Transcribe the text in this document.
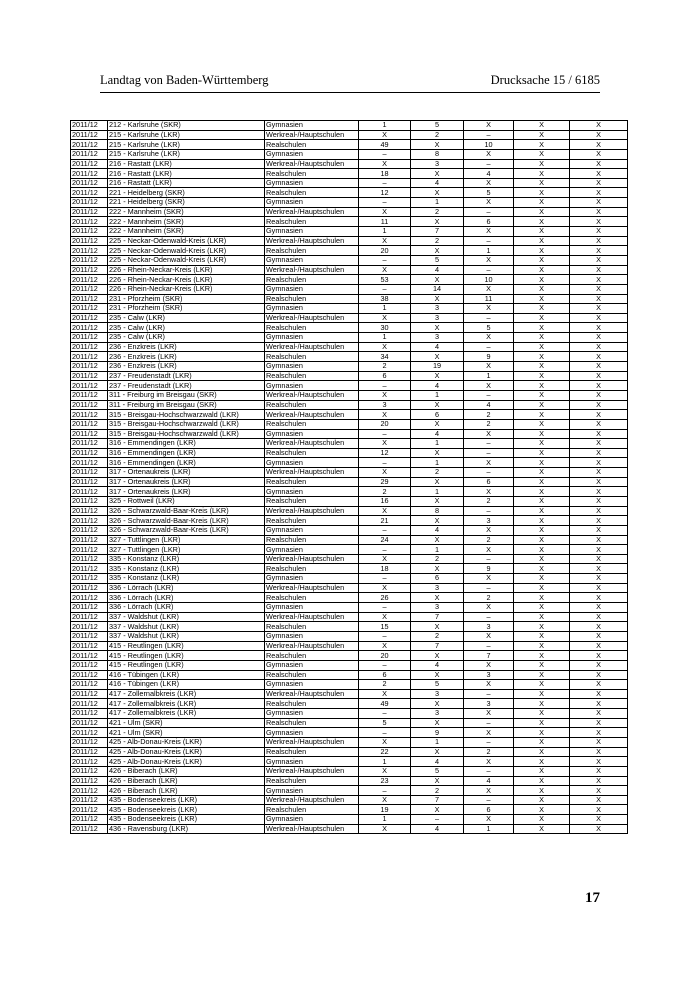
Landtag von Baden-Württemberg	Drucksache 15 / 6185
2011/12	212 - Karlsruhe (SKR)	Gymnasien	1	5	X	X	X
2011/12	215 - Karlsruhe (LKR)	Werkreal-/Hauptschulen	X	2	–	X	X
2011/12	215 - Karlsruhe (LKR)	Realschulen	49	X	10	X	X
2011/12	215 - Karlsruhe (LKR)	Gymnasien	–	8	X	X	X
2011/12	216 - Rastatt (LKR)	Werkreal-/Hauptschulen	X	3	–	X	X
2011/12	216 - Rastatt (LKR)	Realschulen	18	X	4	X	X
2011/12	216 - Rastatt (LKR)	Gymnasien	–	4	X	X	X
2011/12	221 - Heidelberg (SKR)	Realschulen	12	X	5	X	X
2011/12	221 - Heidelberg (SKR)	Gymnasien	–	1	X	X	X
2011/12	222 - Mannheim (SKR)	Werkreal-/Hauptschulen	X	2	–	X	X
2011/12	222 - Mannheim (SKR)	Realschulen	11	X	6	X	X
2011/12	222 - Mannheim (SKR)	Gymnasien	1	7	X	X	X
2011/12	225 - Neckar-Odenwald-Kreis (LKR)	Werkreal-/Hauptschulen	X	2	–	X	X
2011/12	225 - Neckar-Odenwald-Kreis (LKR)	Realschulen	20	X	1	X	X
2011/12	225 - Neckar-Odenwald-Kreis (LKR)	Gymnasien	–	5	X	X	X
2011/12	226 - Rhein-Neckar-Kreis (LKR)	Werkreal-/Hauptschulen	X	4	–	X	X
2011/12	226 - Rhein-Neckar-Kreis (LKR)	Realschulen	53	X	10	X	X
2011/12	226 - Rhein-Neckar-Kreis (LKR)	Gymnasien	–	14	X	X	X
2011/12	231 - Pforzheim (SKR)	Realschulen	38	X	11	X	X
2011/12	231 - Pforzheim (SKR)	Gymnasien	1	3	X	X	X
2011/12	235 - Calw (LKR)	Werkreal-/Hauptschulen	X	3	–	X	X
2011/12	235 - Calw (LKR)	Realschulen	30	X	5	X	X
2011/12	235 - Calw (LKR)	Gymnasien	1	3	X	X	X
2011/12	236 - Enzkreis (LKR)	Werkreal-/Hauptschulen	X	4	–	X	X
2011/12	236 - Enzkreis (LKR)	Realschulen	34	X	9	X	X
2011/12	236 - Enzkreis (LKR)	Gymnasien	2	19	X	X	X
2011/12	237 - Freudenstadt (LKR)	Realschulen	6	X	1	X	X
2011/12	237 - Freudenstadt (LKR)	Gymnasien	–	4	X	X	X
2011/12	311 - Freiburg im Breisgau (SKR)	Werkreal-/Hauptschulen	X	1	–	X	X
2011/12	311 - Freiburg im Breisgau (SKR)	Realschulen	3	X	4	X	X
2011/12	315 - Breisgau-Hochschwarzwald (LKR)	Werkreal-/Hauptschulen	X	6	2	X	X
2011/12	315 - Breisgau-Hochschwarzwald (LKR)	Realschulen	20	X	2	X	X
2011/12	315 - Breisgau-Hochschwarzwald (LKR)	Gymnasien	–	4	X	X	X
2011/12	316 - Emmendingen (LKR)	Werkreal-/Hauptschulen	X	1	–	X	X
2011/12	316 - Emmendingen (LKR)	Realschulen	12	X	–	X	X
2011/12	316 - Emmendingen (LKR)	Gymnasien	–	1	X	X	X
2011/12	317 - Ortenaukreis (LKR)	Werkreal-/Hauptschulen	X	2	–	X	X
2011/12	317 - Ortenaukreis (LKR)	Realschulen	29	X	6	X	X
2011/12	317 - Ortenaukreis (LKR)	Gymnasien	2	1	X	X	X
2011/12	325 - Rottweil (LKR)	Realschulen	16	X	2	X	X
2011/12	326 - Schwarzwald-Baar-Kreis (LKR)	Werkreal-/Hauptschulen	X	8	–	X	X
2011/12	326 - Schwarzwald-Baar-Kreis (LKR)	Realschulen	21	X	3	X	X
2011/12	326 - Schwarzwald-Baar-Kreis (LKR)	Gymnasien	–	4	X	X	X
2011/12	327 - Tuttlingen (LKR)	Realschulen	24	X	2	X	X
2011/12	327 - Tuttlingen (LKR)	Gymnasien	–	1	X	X	X
2011/12	335 - Konstanz (LKR)	Werkreal-/Hauptschulen	X	2	–	X	X
2011/12	335 - Konstanz (LKR)	Realschulen	18	X	9	X	X
2011/12	335 - Konstanz (LKR)	Gymnasien	–	6	X	X	X
2011/12	336 - Lörrach (LKR)	Werkreal-/Hauptschulen	X	3	–	X	X
2011/12	336 - Lörrach (LKR)	Realschulen	26	X	2	X	X
2011/12	336 - Lörrach (LKR)	Gymnasien	–	3	X	X	X
2011/12	337 - Waldshut (LKR)	Werkreal-/Hauptschulen	X	7	–	X	X
2011/12	337 - Waldshut (LKR)	Realschulen	15	X	3	X	X
2011/12	337 - Waldshut (LKR)	Gymnasien	–	2	X	X	X
2011/12	415 - Reutlingen (LKR)	Werkreal-/Hauptschulen	X	7	–	X	X
2011/12	415 - Reutlingen (LKR)	Realschulen	20	X	7	X	X
2011/12	415 - Reutlingen (LKR)	Gymnasien	–	4	X	X	X
2011/12	416 - Tübingen (LKR)	Realschulen	6	X	3	X	X
2011/12	416 - Tübingen (LKR)	Gymnasien	2	5	X	X	X
2011/12	417 - Zollernalbkreis (LKR)	Werkreal-/Hauptschulen	X	3	–	X	X
2011/12	417 - Zollernalbkreis (LKR)	Realschulen	49	X	3	X	X
2011/12	417 - Zollernalbkreis (LKR)	Gymnasien	–	3	X	X	X
2011/12	421 - Ulm (SKR)	Realschulen	5	X	–	X	X
2011/12	421 - Ulm (SKR)	Gymnasien	–	9	X	X	X
2011/12	425 - Alb-Donau-Kreis (LKR)	Werkreal-/Hauptschulen	X	1	–	X	X
2011/12	425 - Alb-Donau-Kreis (LKR)	Realschulen	22	X	2	X	X
2011/12	425 - Alb-Donau-Kreis (LKR)	Gymnasien	1	4	X	X	X
2011/12	426 - Biberach (LKR)	Werkreal-/Hauptschulen	X	5	–	X	X
2011/12	426 - Biberach (LKR)	Realschulen	23	X	4	X	X
2011/12	426 - Biberach (LKR)	Gymnasien	–	2	X	X	X
2011/12	435 - Bodenseekreis (LKR)	Werkreal-/Hauptschulen	X	7	–	X	X
2011/12	435 - Bodenseekreis (LKR)	Realschulen	19	X	6	X	X
2011/12	435 - Bodenseekreis (LKR)	Gymnasien	1	–	X	X	X
2011/12	436 - Ravensburg (LKR)	Werkreal-/Hauptschulen	X	4	1	X	X
17
